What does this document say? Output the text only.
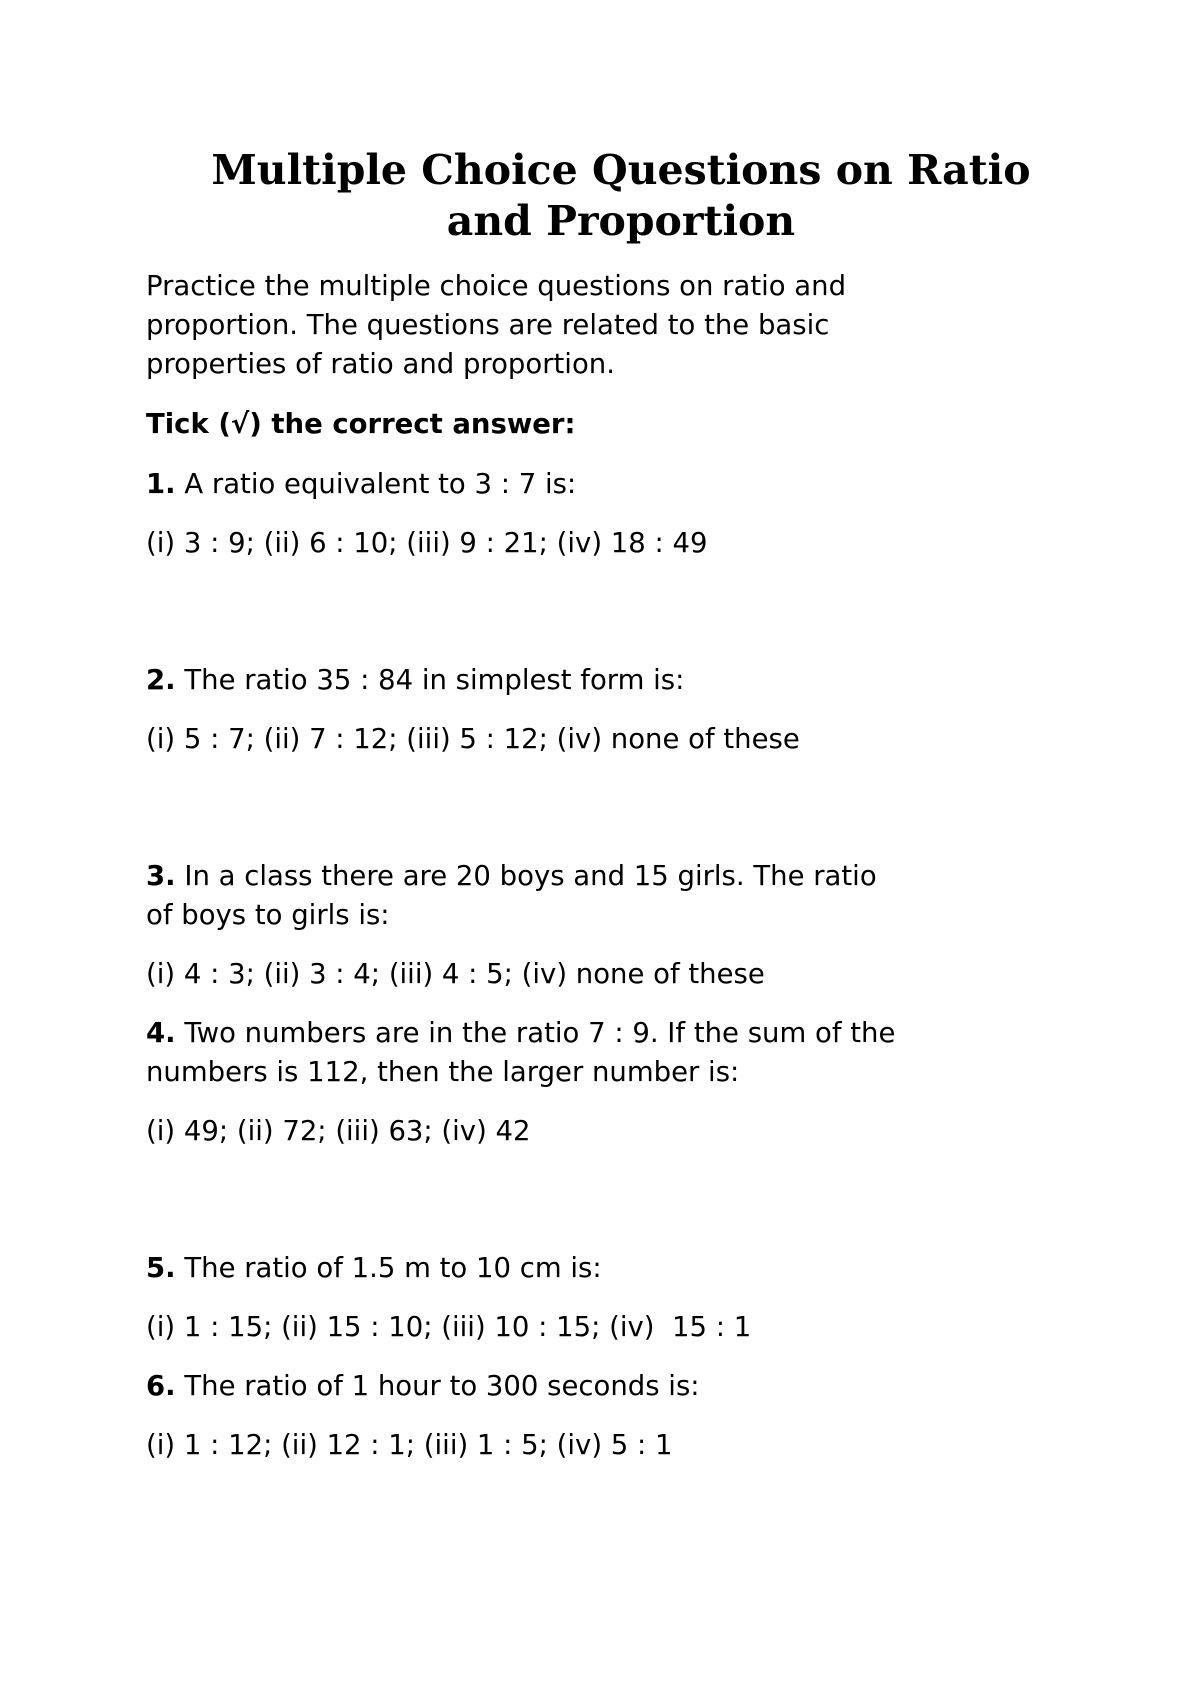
Multiple Choice Questions on Ratio
and Proportion
Practice the multiple choice questions on ratio and
proportion. The questions are related to the basic
properties of ratio and proportion.
Tick (√) the correct answer:
1. A ratio equivalent to 3 : 7 is:
(i) 3 : 9; (ii) 6 : 10; (iii) 9 : 21; (iv) 18 : 49
2. The ratio 35 : 84 in simplest form is:
(i) 5 : 7; (ii) 7 : 12; (iii) 5 : 12; (iv) none of these
3. In a class there are 20 boys and 15 girls. The ratio
of boys to girls is:
(i) 4 : 3; (ii) 3 : 4; (iii) 4 : 5; (iv) none of these
4. Two numbers are in the ratio 7 : 9. If the sum of the
numbers is 112, then the larger number is:
(i) 49; (ii) 72; (iii) 63; (iv) 42
5. The ratio of 1.5 m to 10 cm is:
(i) 1 : 15; (ii) 15 : 10; (iii) 10 : 15; (iv)  15 : 1
6. The ratio of 1 hour to 300 seconds is:
(i) 1 : 12; (ii) 12 : 1; (iii) 1 : 5; (iv) 5 : 1
